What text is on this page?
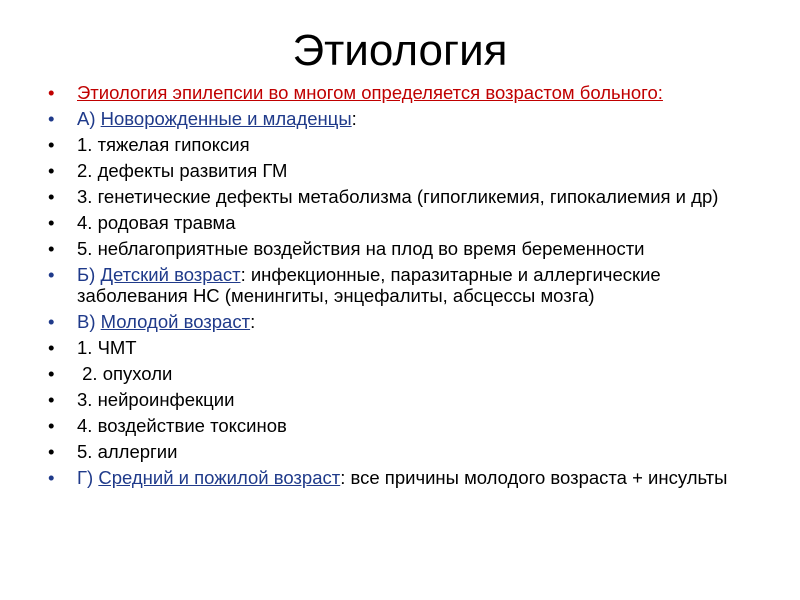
Этиология
• Этиология эпилепсии во многом определяется возрастом больного:
• А) Новорожденные и младенцы:
• 1. тяжелая гипоксия
• 2. дефекты развития ГМ
• 3. генетические дефекты метаболизма (гипогликемия, гипокалиемия и др)
• 4. родовая травма
• 5. неблагоприятные воздействия на плод во время беременности
• Б) Детский возраст: инфекционные, паразитарные и аллергические заболевания НС (менингиты, энцефалиты, абсцессы мозга)
• В) Молодой возраст:
• 1. ЧМТ
• 2. опухоли
• 3. нейроинфекции
• 4. воздействие токсинов
• 5. аллергии
• Г) Средний и пожилой возраст: все причины молодого возраста + инсульты
